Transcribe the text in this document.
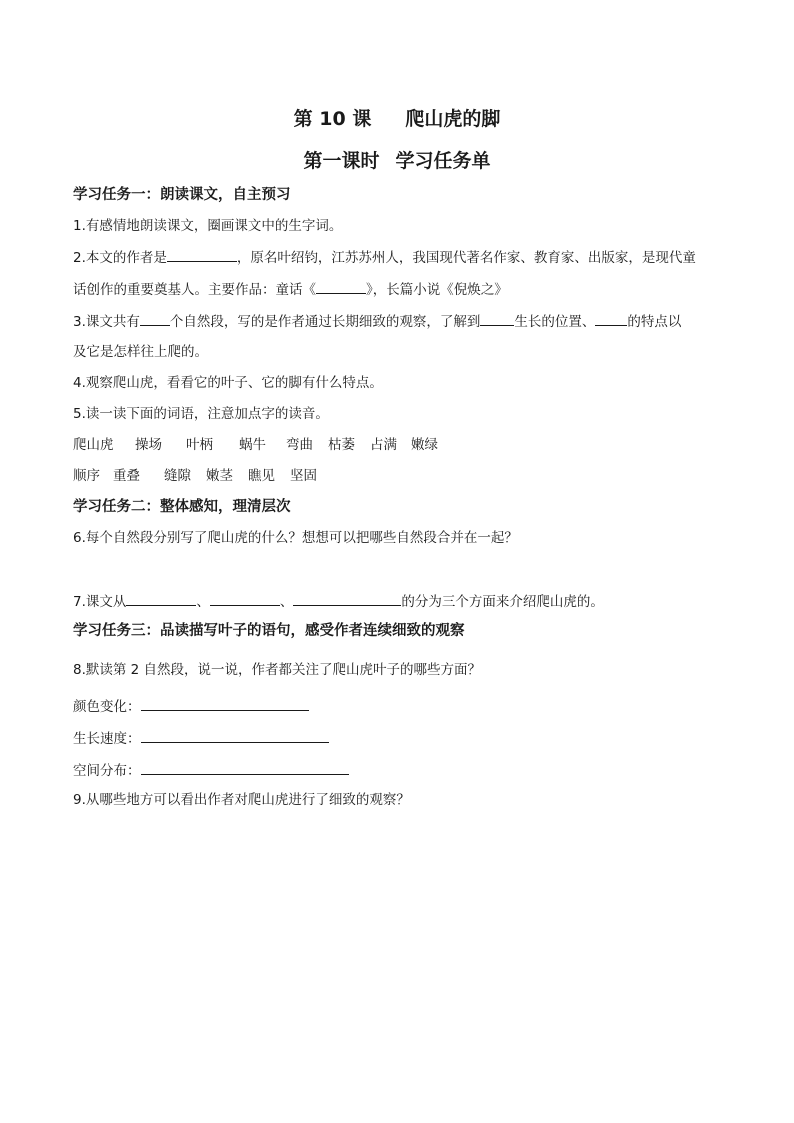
第 10 课 爬山虎的脚
第一课时 学习任务单
学习任务一：朗读课文，自主预习
1.有感情地朗读课文，圈画课文中的生字词。
2.本文的作者是	，原名叶绍钧，江苏苏州人，我国现代著名作家、教育家、出版家，是现代童
话创作的重要奠基人。主要作品：童话《	》，长篇小说《倪焕之》
3.课文共有 个自然段，写的是作者通过长期细致的观察，了解到	生长的位置、 的特点以
及它是怎样往上爬的。
4.观察爬山虎，看看它的叶子、它的脚有什么特点。
5.读一读下面的词语，注意加点字的读音。
爬山虎 操场 叶柄 蜗牛 弯曲 枯萎 占满 嫩绿
顺序 重叠 缝隙 嫩茎 瞧见 坚固
学习任务二：整体感知，理清层次
6.每个自然段分别写了爬山虎的什么？想想可以把哪些自然段合并在一起？
7.课文从	、	、	的分为三个方面来介绍爬山虎的。
学习任务三：品读描写叶子的语句，感受作者连续细致的观察
8.默读第 2 自然段，说一说，作者都关注了爬山虎叶子的哪些方面？
颜色变化：
生长速度：
空间分布：
9.从哪些地方可以看出作者对爬山虎进行了细致的观察？
